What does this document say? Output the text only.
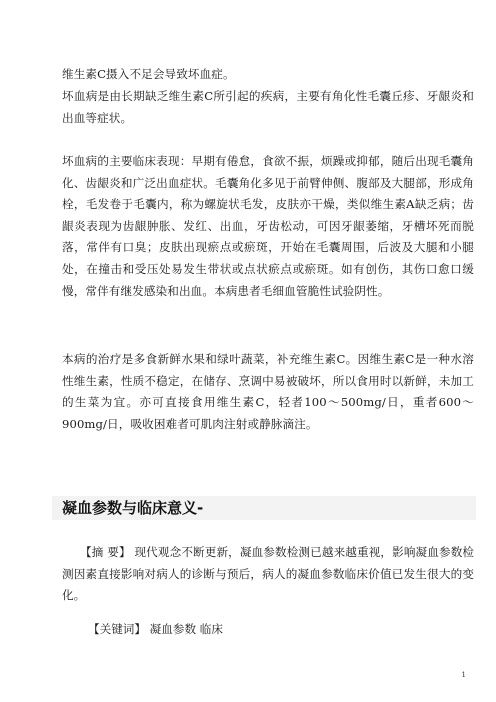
维生素C摄入不足会导致坏血症。

坏血病是由长期缺乏维生素C所引起的疾病，主要有角化性毛囊丘疹、牙龈炎和出血等症状。

坏血病的主要临床表现：早期有倦怠，食欲不振，烦躁或抑郁，随后出现毛囊角化、齿龈炎和广泛出血症状。毛囊角化多见于前臂伸侧、腹部及大腿部，形成角栓，毛发卷于毛囊内，称为螺旋状毛发，皮肤亦干燥，类似维生素A缺乏病；齿龈炎表现为齿龈肿胀、发红、出血，牙齿松动，可因牙龈萎缩，牙槽坏死而脱落，常伴有口臭；皮肤出现瘀点或瘀斑，开始在毛囊周围，后波及大腿和小腿处，在撞击和受压处易发生带状或点状瘀点或瘀斑。如有创伤，其伤口愈口缓慢，常伴有继发感染和出血。本病患者毛细血管脆性试验阴性。

本病的治疗是多食新鲜水果和绿叶蔬菜，补充维生素C。因维生素C是一种水溶性维生素，性质不稳定，在储存、烹调中易被破坏，所以食用时以新鲜，未加工的生菜为宜。亦可直接食用维生素C，轻者100～500mg/日，重者600～900mg/日，吸收困难者可肌肉注射或静脉滴注。

凝血参数与临床意义-
【摘 要】 现代观念不断更新，凝血参数检测已越来越重视，影响凝血参数检测因素直接影响对病人的诊断与预后，病人的凝血参数临床价值已发生很大的变化。
【关键词】 凝血参数 临床
1
